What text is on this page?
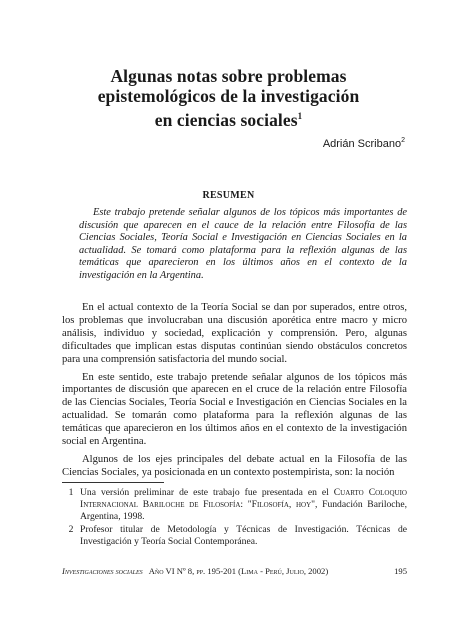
Algunas notas sobre problemas
epistemológicos de la investigación
en ciencias sociales$^1$
Adrián Scribano$^2$
RESUMEN
Este trabajo pretende señalar algunos de los tópicos más importantes de discusión que aparecen en el cauce de la relación entre Filosofía de las Ciencias Sociales, Teoría Social e Investigación en Ciencias Sociales en la actualidad. Se tomará como plataforma para la reflexión algunas de las temáticas que aparecieron en los últimos años en el contexto de la investigación en la Argentina.

En el actual contexto de la Teoría Social se dan por superados, entre otros, los problemas que involucraban una discusión aporética entre macro y micro análisis, individuo y sociedad, explicación y comprensión. Pero, algunas dificultades que implican estas disputas continúan siendo obstáculos concretos para una comprensión satisfactoria del mundo social.

En este sentido, este trabajo pretende señalar algunos de los tópicos más importantes de discusión que aparecen en el cruce de la relación entre Filosofía de las Ciencias Sociales, Teoría Social e Investigación en Ciencias Sociales en la actualidad. Se tomarán como plataforma para la reflexión algunas de las temáticas que aparecieron en los últimos años en el contexto de la investigación social en Argentina.

Algunos de los ejes principales del debate actual en la Filosofía de las Ciencias Sociales, ya posicionada en un contexto postempirista, son: la noción

1 Una versión preliminar de este trabajo fue presentada en el Cuarto Coloquio Internacional Bariloche de Filosofía: "Filosofía, hoy", Fundación Bariloche, Argentina, 1998.
2 Profesor titular de Metodología y Técnicas de Investigación. Técnicas de Investigación y Teoría Social Contemporánea.
Investigaciones sociales Año VI Nº 8, pp. 195-201 (Lima - Perú, Julio, 2002)	195
